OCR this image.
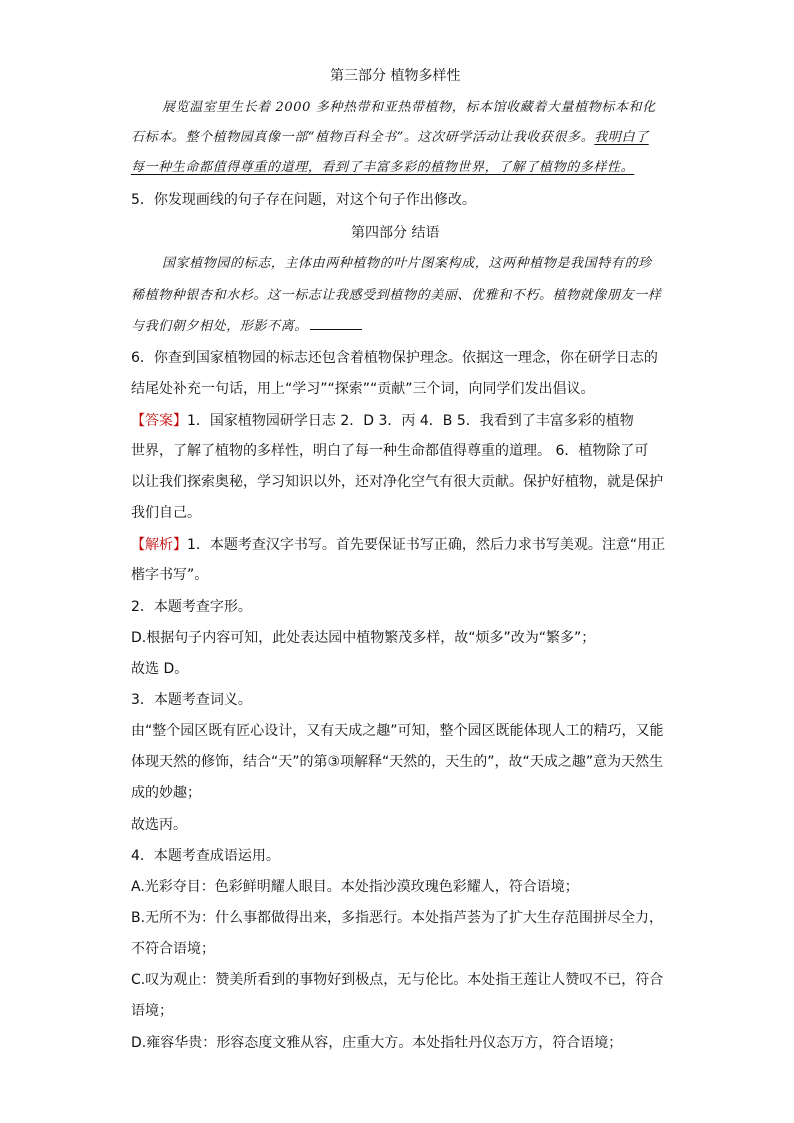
第三部分 植物多样性
展览温室里生长着 2000 多种热带和亚热带植物，标本馆收藏着大量植物标本和化
石标本。整个植物园真像一部“植物百科全书”。这次研学活动让我收获很多。我明白了
每一种生命都值得尊重的道理，看到了丰富多彩的植物世界，了解了植物的多样性。
5．你发现画线的句子存在问题，对这个句子作出修改。
第四部分 结语
国家植物园的标志，主体由两种植物的叶片图案构成，这两种植物是我国特有的珍
稀植物种银杏和水杉。这一标志让我感受到植物的美丽、优雅和不朽。植物就像朋友一样
与我们朝夕相处，形影不离。
6．你查到国家植物园的标志还包含着植物保护理念。依据这一理念，你在研学日志的
结尾处补充一句话，用上“学习”“探索”“贡献”三个词，向同学们发出倡议。
【答案】1．国家植物园研学日志 2．D 3．丙 4．B 5．我看到了丰富多彩的植物
世界，了解了植物的多样性，明白了每一种生命都值得尊重的道理。 6．植物除了可
以让我们探索奥秘，学习知识以外，还对净化空气有很大贡献。保护好植物，就是保护
我们自己。
【解析】1．本题考查汉字书写。首先要保证书写正确，然后力求书写美观。注意“用正
楷字书写”。
2．本题考查字形。
D.根据句子内容可知，此处表达园中植物繁茂多样，故“烦多”改为“繁多”；
故选 D。
3．本题考查词义。
由“整个园区既有匠心设计，又有天成之趣”可知，整个园区既能体现人工的精巧，又能
体现天然的修饰，结合“天”的第③项解释“天然的，天生的”，故“天成之趣”意为天然生
成的妙趣；
故选丙。
4．本题考查成语运用。
A.光彩夺目：色彩鲜明耀人眼目。本处指沙漠玫瑰色彩耀人，符合语境；
B.无所不为：什么事都做得出来，多指恶行。本处指芦荟为了扩大生存范围拼尽全力，
不符合语境；
C.叹为观止：赞美所看到的事物好到极点，无与伦比。本处指王莲让人赞叹不已，符合
语境；
D.雍容华贵：形容态度文雅从容，庄重大方。本处指牡丹仪态万方，符合语境；
